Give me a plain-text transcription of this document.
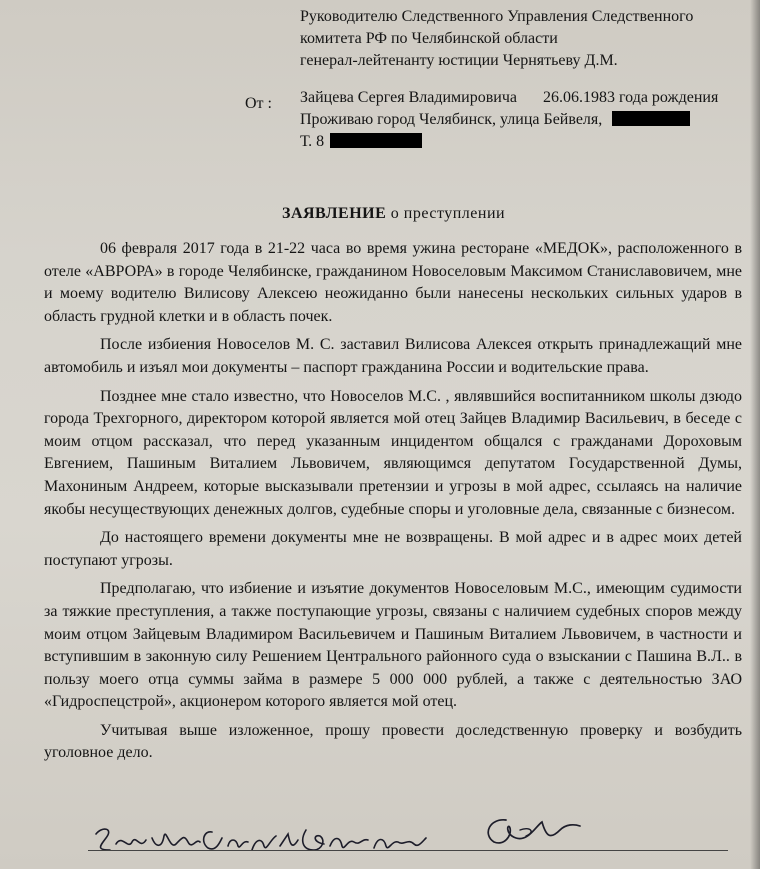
Руководителю Следственного Управления Следственного
комитета РФ по Челябинской области
генерал-лейтенанту юстиции Чернятьеву Д.М.
От : Зайцева Сергея Владимировича 26.06.1983 года рождения
Проживаю город Челябинск, улица Бейвеля,
Т. 8
ЗАЯВЛЕНИЕ о преступлении

06 февраля 2017 года в 21-22 часа во время ужина ресторане «МЕДОК», расположенного в отеле «АВРОРА» в городе Челябинске, гражданином Новоселовым Максимом Станиславовичем, мне и моему водителю Вилисову Алексею неожиданно были нанесены нескольких сильных ударов в область грудной клетки и в область почек.

После избиения Новоселов М. С. заставил Вилисова Алексея открыть принадлежащий мне автомобиль и изъял мои документы – паспорт гражданина России и водительские права.

Позднее мне стало известно, что Новоселов М.С. , являвшийся воспитанником школы дзюдо города Трехгорного, директором которой является мой отец Зайцев Владимир Васильевич, в беседе с моим отцом рассказал, что перед указанным инцидентом общался с гражданами Дороховым Евгением, Пашиным Виталием Львовичем, являющимся депутатом Государственной Думы, Махониным Андреем, которые высказывали претензии и угрозы в мой адрес, ссылаясь на наличие якобы несуществующих денежных долгов, судебные споры и уголовные дела, связанные с бизнесом.

До настоящего времени документы мне не возвращены. В мой адрес и в адрес моих детей поступают угрозы.

Предполагаю, что избиение и изъятие документов Новоселовым М.С., имеющим судимости за тяжкие преступления, а также поступающие угрозы, связаны с наличием судебных споров между моим отцом Зайцевым Владимиром Васильевичем и Пашиным Виталием Львовичем, в частности и вступившим в законную силу Решением Центрального районного суда о взыскании с Пашина В.Л.. в пользу моего отца суммы займа в размере 5 000 000 рублей, а также с деятельностью ЗАО «Гидроспецстрой», акционером которого является мой отец.

Учитывая выше изложенное, прошу провести доследственную проверку и возбудить уголовное дело.
